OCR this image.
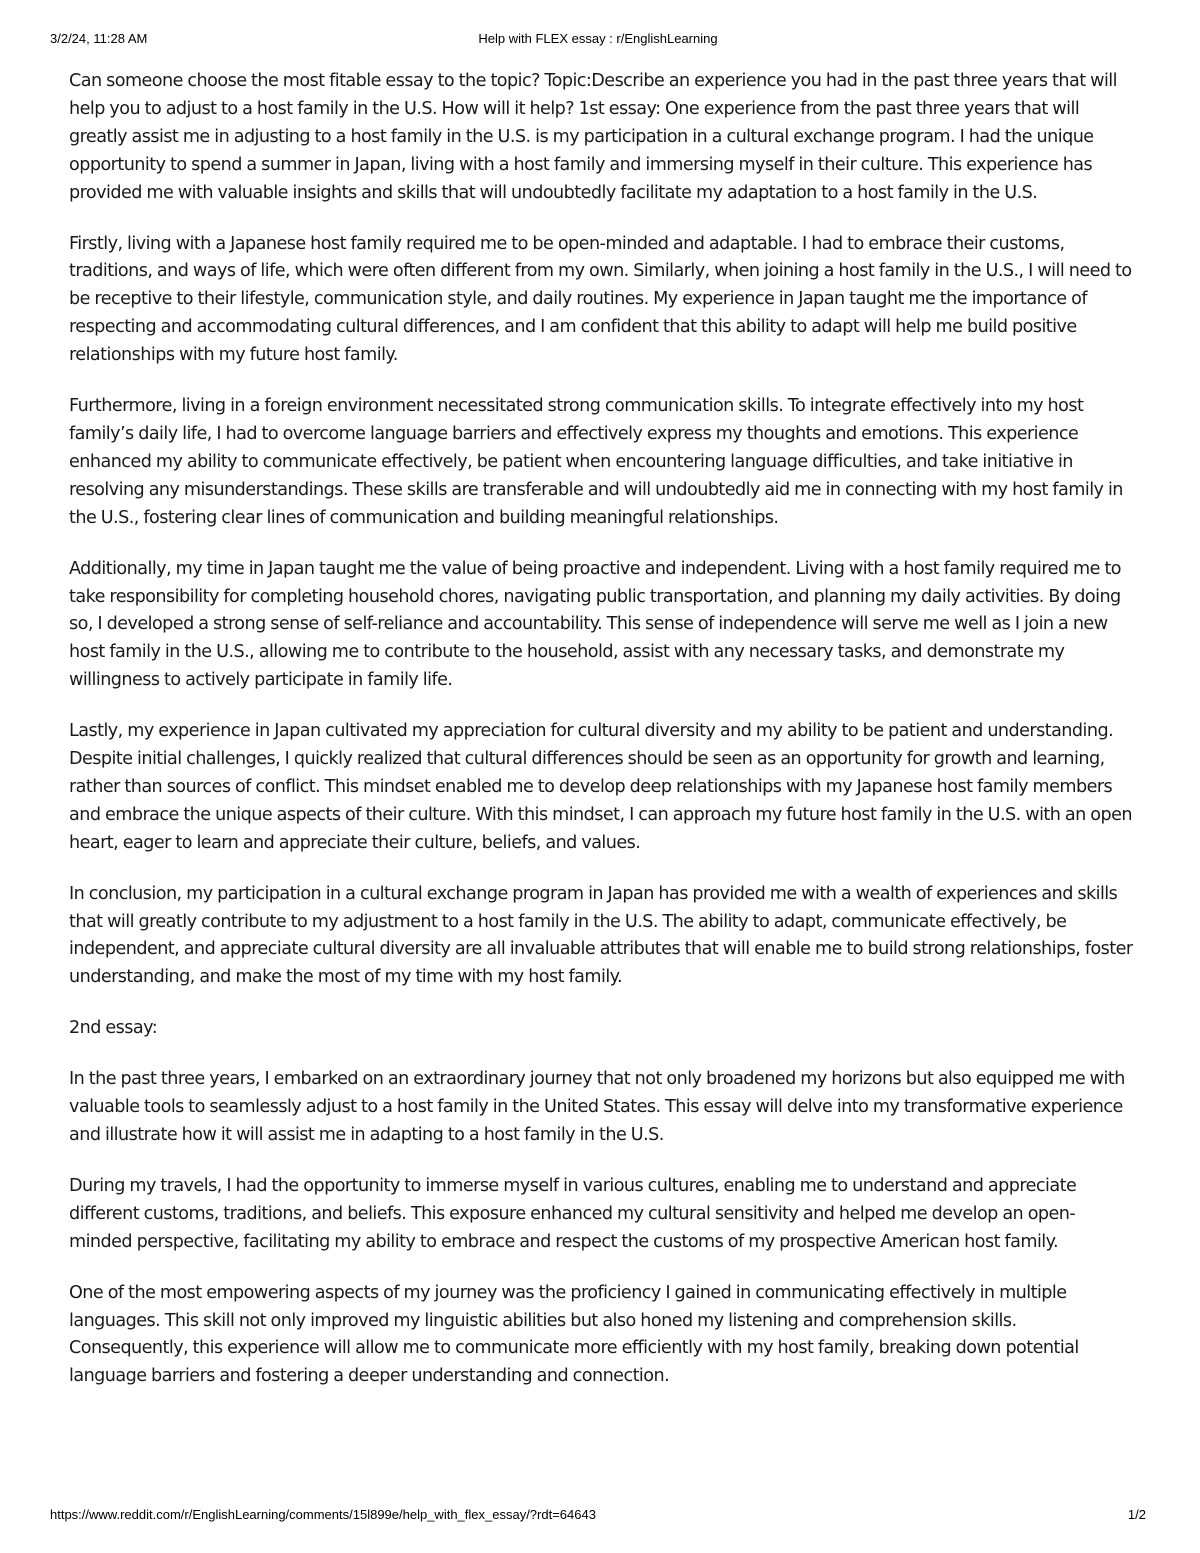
3/2/24, 11:28 AM	Help with FLEX essay : r/EnglishLearning

Can someone choose the most fitable essay to the topic? Topic:Describe an experience you had in the past three years that will help you to adjust to a host family in the U.S. How will it help? 1st essay: One experience from the past three years that will greatly assist me in adjusting to a host family in the U.S. is my participation in a cultural exchange program. I had the unique opportunity to spend a summer in Japan, living with a host family and immersing myself in their culture. This experience has provided me with valuable insights and skills that will undoubtedly facilitate my adaptation to a host family in the U.S.

Firstly, living with a Japanese host family required me to be open-minded and adaptable. I had to embrace their customs, traditions, and ways of life, which were often different from my own. Similarly, when joining a host family in the U.S., I will need to be receptive to their lifestyle, communication style, and daily routines. My experience in Japan taught me the importance of respecting and accommodating cultural differences, and I am confident that this ability to adapt will help me build positive relationships with my future host family.

Furthermore, living in a foreign environment necessitated strong communication skills. To integrate effectively into my host family’s daily life, I had to overcome language barriers and effectively express my thoughts and emotions. This experience enhanced my ability to communicate effectively, be patient when encountering language difficulties, and take initiative in resolving any misunderstandings. These skills are transferable and will undoubtedly aid me in connecting with my host family in the U.S., fostering clear lines of communication and building meaningful relationships.

Additionally, my time in Japan taught me the value of being proactive and independent. Living with a host family required me to take responsibility for completing household chores, navigating public transportation, and planning my daily activities. By doing so, I developed a strong sense of self-reliance and accountability. This sense of independence will serve me well as I join a new host family in the U.S., allowing me to contribute to the household, assist with any necessary tasks, and demonstrate my willingness to actively participate in family life.

Lastly, my experience in Japan cultivated my appreciation for cultural diversity and my ability to be patient and understanding. Despite initial challenges, I quickly realized that cultural differences should be seen as an opportunity for growth and learning, rather than sources of conflict. This mindset enabled me to develop deep relationships with my Japanese host family members and embrace the unique aspects of their culture. With this mindset, I can approach my future host family in the U.S. with an open heart, eager to learn and appreciate their culture, beliefs, and values.

In conclusion, my participation in a cultural exchange program in Japan has provided me with a wealth of experiences and skills that will greatly contribute to my adjustment to a host family in the U.S. The ability to adapt, communicate effectively, be independent, and appreciate cultural diversity are all invaluable attributes that will enable me to build strong relationships, foster understanding, and make the most of my time with my host family.

2nd essay:

In the past three years, I embarked on an extraordinary journey that not only broadened my horizons but also equipped me with valuable tools to seamlessly adjust to a host family in the United States. This essay will delve into my transformative experience and illustrate how it will assist me in adapting to a host family in the U.S.

During my travels, I had the opportunity to immerse myself in various cultures, enabling me to understand and appreciate different customs, traditions, and beliefs. This exposure enhanced my cultural sensitivity and helped me develop an open-minded perspective, facilitating my ability to embrace and respect the customs of my prospective American host family.

One of the most empowering aspects of my journey was the proficiency I gained in communicating effectively in multiple languages. This skill not only improved my linguistic abilities but also honed my listening and comprehension skills. Consequently, this experience will allow me to communicate more efficiently with my host family, breaking down potential language barriers and fostering a deeper understanding and connection.

https://www.reddit.com/r/EnglishLearning/comments/15l899e/help_with_flex_essay/?rdt=64643	1/2
